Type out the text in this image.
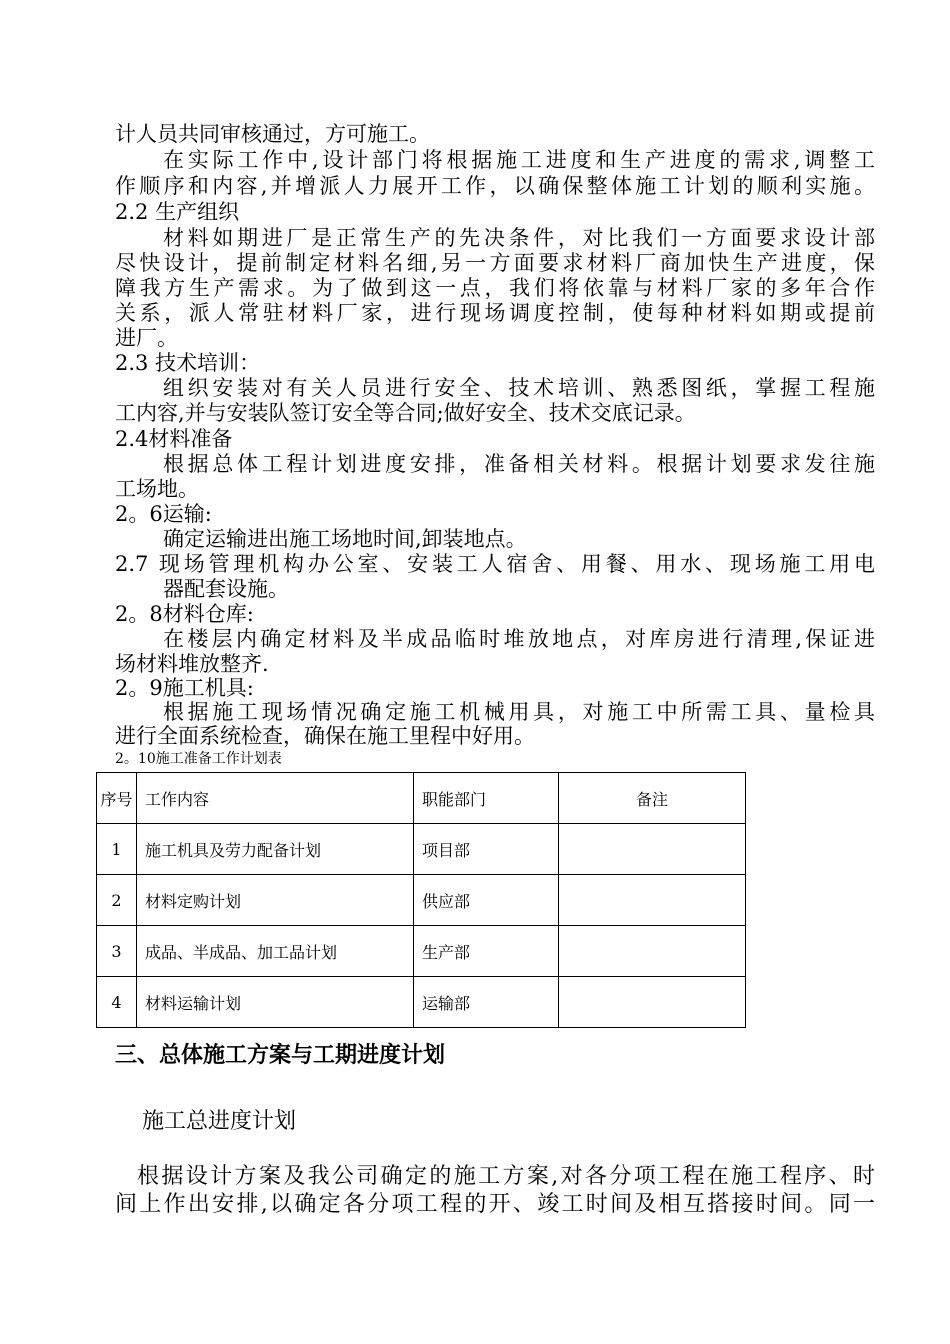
计人员共同审核通过，方可施工。
在实际工作中,设计部门将根据施工进度和生产进度的需求,调整工
作顺序和内容,并增派人力展开工作，以确保整体施工计划的顺利实施。
2.2 生产组织
材料如期进厂是正常生产的先决条件，对比我们一方面要求设计部
尽快设计，提前制定材料名细,另一方面要求材料厂商加快生产进度，保
障我方生产需求。为了做到这一点，我们将依靠与材料厂家的多年合作
关系，派人常驻材料厂家，进行现场调度控制，使每种材料如期或提前
进厂。
2.3 技术培训：
组织安装对有关人员进行安全、技术培训、熟悉图纸，掌握工程施
工内容,并与安装队签订安全等合同;做好安全、技术交底记录。
2.4材料准备
根据总体工程计划进度安排，准备相关材料。根据计划要求发往施
工场地。
2。6运输:
确定运输进出施工场地时间,卸装地点。
2.7 现场管理机构办公室、安装工人宿舍、用餐、用水、现场施工用电
器配套设施。
2。8材料仓库:
在楼层内确定材料及半成品临时堆放地点，对库房进行清理,保证进
场材料堆放整齐.
2。9施工机具:
根据施工现场情况确定施工机械用具，对施工中所需工具、量检具
进行全面系统检查，确保在施工里程中好用。
2。10施工准备工作计划表
序号	工作内容	职能部门	备注
1	施工机具及劳力配备计划	项目部	
2	材料定购计划	供应部	
3	成品、半成品、加工品计划	生产部	
4	材料运输计划	运输部	
三、总体施工方案与工期进度计划
施工总进度计划
根据设计方案及我公司确定的施工方案,对各分项工程在施工程序、时
间上作出安排,以确定各分项工程的开、竣工时间及相互搭接时间。同一
